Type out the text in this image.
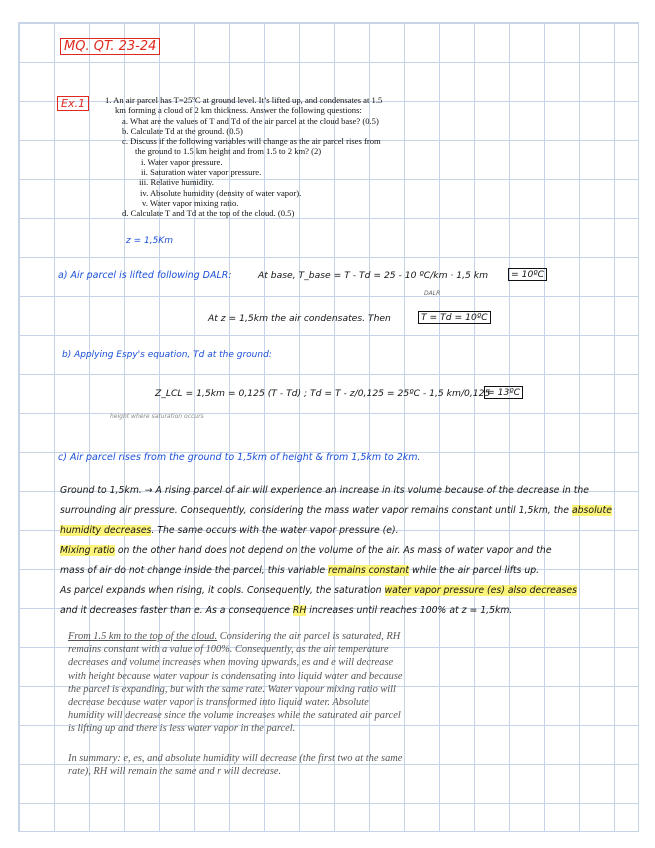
MQ. QT. 23-24
Ex.1	1. An air parcel has T=25ºC at ground level. It’s lifted up, and condensates at 1.5
km forming a cloud of 2 km thickness. Answer the following questions:
a. What are the values of T and Td of the air parcel at the cloud base? (0.5)
b. Calculate Td at the ground. (0.5)
c. Discuss if the following variables will change as the air parcel rises from
the ground to 1.5 km height and from 1.5 to 2 km? (2)
i. Water vapor pressure.
ii. Saturation water vapor pressure.
iii. Relative humidity.
iv. Absolute humidity (density of water vapor).
v. Water vapor mixing ratio.
d. Calculate T and Td at the top of the cloud. (0.5)
z = 1,5Km
a) Air parcel is lifted following DALR:	At base, T_base = T - Td = 25 - 10 ºC/km · 1,5 km	= 10ºC
DALR
At z = 1,5km the air condensates. Then	T = Td = 10ºC
b) Applying Espy's equation, Td at the ground:
Z_LCL = 1,5km = 0,125 (T - Td) ; Td = T - z/0,125 = 25ºC - 1,5 km/0,125
= 13ºC
height where saturation occurs
c) Air parcel rises from the ground to 1,5km of height & from 1,5km to 2km.
Ground to 1,5km. → A rising parcel of air will experience an increase in its volume because of the decrease in the
surrounding air pressure. Consequently, considering the mass water vapor remains constant until 1,5km, the absolute
humidity decreases. The same occurs with the water vapor pressure (e).
Mixing ratio on the other hand does not depend on the volume of the air. As mass of water vapor and the
mass of air do not change inside the parcel, this variable remains constant while the air parcel lifts up.
As parcel expands when rising, it cools. Consequently, the saturation water vapor pressure (es) also decreases
and it decreases faster than e. As a consequence RH increases until reaches 100% at z = 1,5km.
From 1.5 km to the top of the cloud. Considering the air parcel is saturated, RH
remains constant with a value of 100%. Consequently, as the air temperature
decreases and volume increases when moving upwards, es and e will decrease
with height because water vapour is condensating into liquid water and because
the parcel is expanding, but with the same rate. Water vapour mixing ratio will
decrease because water vapor is transformed into liquid water. Absolute
humidity will decrease since the volume increases while the saturated air parcel
is lifting up and there is less water vapor in the parcel.
In summary: e, es, and absolute humidity will decrease (the first two at the same
rate), RH will remain the same and r will decrease.
